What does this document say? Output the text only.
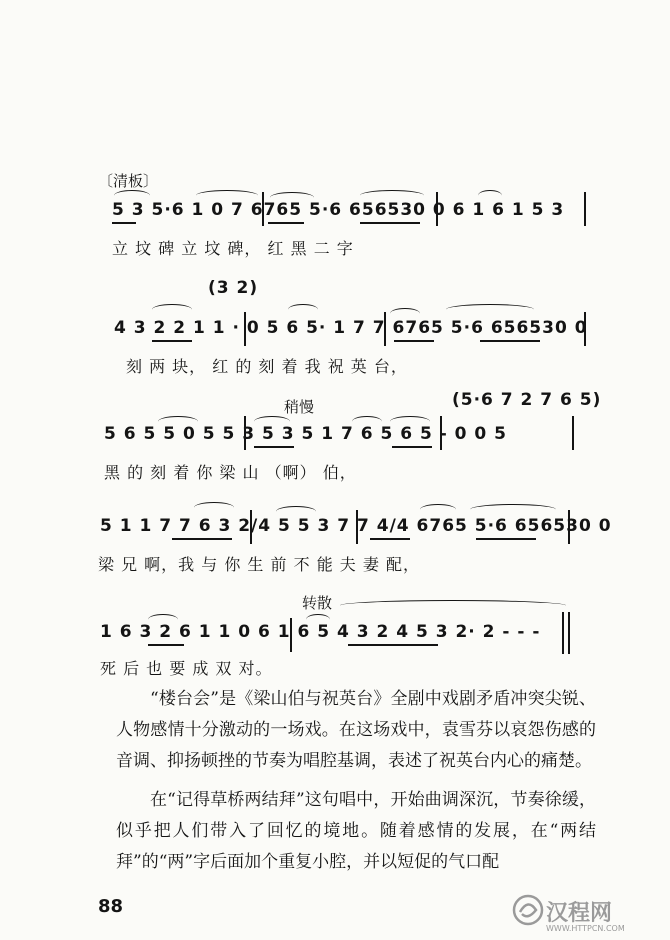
〔清板〕
5 3 5·6 1 0 7 6765 5·6 656530 0 6 1 6 1 5 3
立 坟 碑 立 坟 碑， 红 黑 二 字
(3 2)
4 3 2 2 1 1 · 0 5 6 5· 1 7 7 6765 5·6 656530 0
刻 两 块， 红 的 刻 着 我 祝 英 台，
稍慢	(5·6 7 2 7 6 5)
5 6 5 5 0 5 5 3 5 3 5 1 7 6 5 6 5 - 0 0 5
黑 的 刻 着 你 梁 山 （啊） 伯，
5 1 1 7 7 6 3 2/4 5 5 3 7 7 4/4 6765 5·6 656530 0
梁 兄 啊，我 与 你 生 前 不 能 夫 妻 配，
转散
1 6 3 2 6 1 1 0 6 1 6 5 4 3 2 4 5 3 2· 2 - - -
死 后 也 要 成 双 对。

“楼台会”是《梁山伯与祝英台》全剧中戏剧矛盾冲突尖锐、人物感情十分激动的一场戏。在这场戏中，袁雪芬以哀怨伤感的音调、抑扬顿挫的节奏为唱腔基调，表述了祝英台内心的痛楚。

在“记得草桥两结拜”这句唱中，开始曲调深沉，节奏徐缓，似乎把人们带入了回忆的境地。随着感情的发展，在“两结拜”的“两”字后面加个重复小腔，并以短促的气口配

88	汉程网
WWW.HTTPCN.COM
